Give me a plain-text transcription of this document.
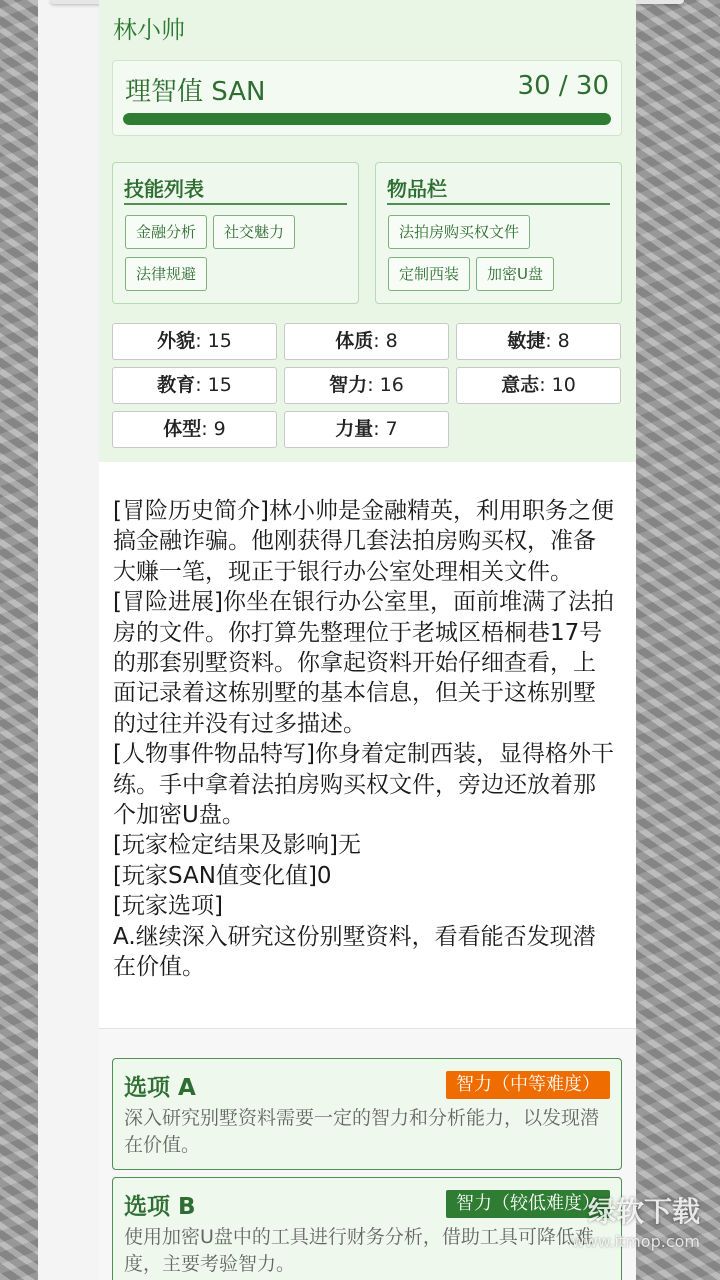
林小帅
理智值 SAN	30 / 30
技能列表
金融分析	社交魅力
法律规避
物品栏
法拍房购买权文件
定制西装	加密U盘
外貌: 15	体质: 8	敏捷: 8
教育: 15	智力: 16	意志: 10
体型: 9	力量: 7

[冒险历史简介]林小帅是金融精英，利用职务之便搞金融诈骗。他刚获得几套法拍房购买权，准备大赚一笔，现正于银行办公室处理相关文件。

[冒险进展]你坐在银行办公室里，面前堆满了法拍房的文件。你打算先整理位于老城区梧桐巷17号的那套别墅资料。你拿起资料开始仔细查看，上面记录着这栋别墅的基本信息，但关于这栋别墅的过往并没有过多描述。

[人物事件物品特写]你身着定制西装，显得格外干练。手中拿着法拍房购买权文件，旁边还放着那个加密U盘。

[玩家检定结果及影响]无

[玩家SAN值变化值]0

[玩家选项]

A.继续深入研究这份别墅资料，看看能否发现潜在价值。

选项 A	智力（中等难度）
深入研究别墅资料需要一定的智力和分析能力，以发现潜在价值。
选项 B	智力（较低难度）
使用加密U盘中的工具进行财务分析，借助工具可降低难度，主要考验智力。
绿软下载
www.itmop.com
